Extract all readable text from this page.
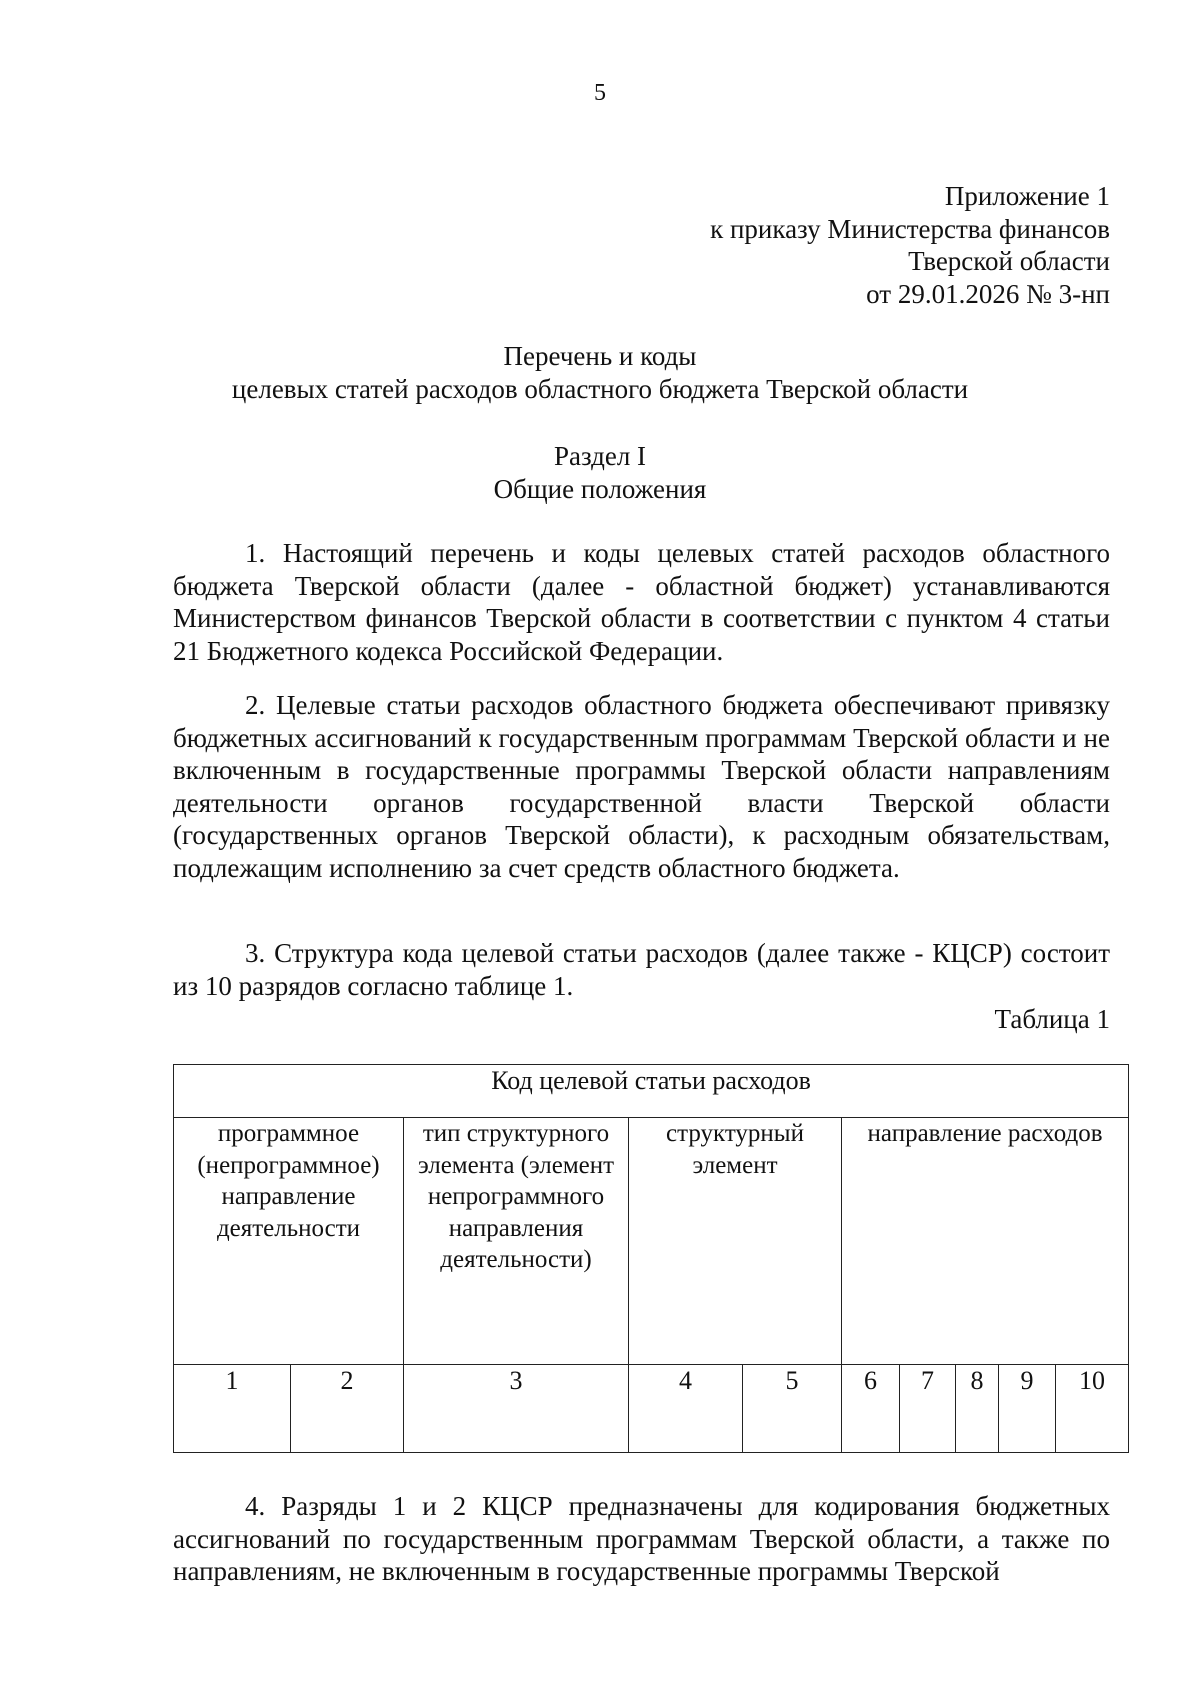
5
Приложение 1
к приказу Министерства финансов
Тверской области
от 29.01.2026 № 3-нп
Перечень и коды
целевых статей расходов областного бюджета Тверской области
Раздел I
Общие положения

1. Настоящий перечень и коды целевых статей расходов областного бюджета Тверской области (далее - областной бюджет) устанавливаются Министерством финансов Тверской области в соответствии с пунктом 4 статьи 21 Бюджетного кодекса Российской Федерации.

2. Целевые статьи расходов областного бюджета обеспечивают привязку бюджетных ассигнований к государственным программам Тверской области и не включенным в государственные программы Тверской области направлениям деятельности органов государственной власти Тверской области (государственных органов Тверской области), к расходным обязательствам, подлежащим исполнению за счет средств областного бюджета.

3. Структура кода целевой статьи расходов (далее также - КЦСР) состоит из 10 разрядов согласно таблице 1.

Таблица 1
Код целевой статьи расходов									
программное (непрограммное) направление деятельности		тип структурного элемента (элемент непрограммного направления деятельности)	структурный элемент		направление расходов				
1	2	3	4	5	6	7	8	9	10

4. Разряды 1 и 2 КЦСР предназначены для кодирования бюджетных ассигнований по государственным программам Тверской области, а также по направлениям, не включенным в государственные программы Тверской
